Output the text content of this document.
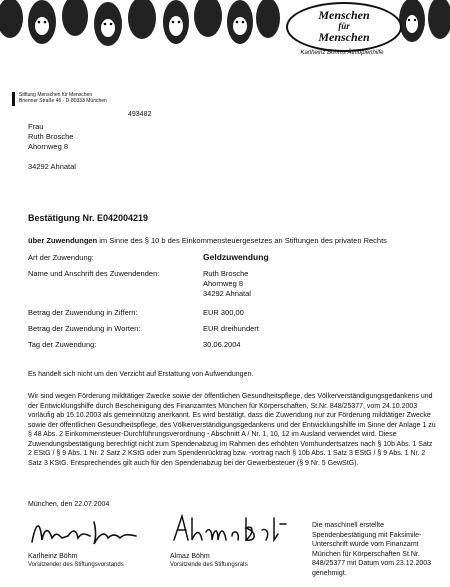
Menschen
für
Menschen
Karlheinz Böhms Äthiopienhilfe
Stiftung Menschen für Menschen
Brienner Straße 46 · D-80333 München
493482
Frau
Ruth Brosche
Ahornweg 8
34292 Ahnatal
Bestätigung Nr. E042004219
über Zuwendungen im Sinne des § 10 b des Einkommensteuergesetzes an Stiftungen des privaten Rechts
Art der Zuwendung:	Geldzuwendung
Name und Anschrift des Zuwendenden:	Ruth Brosche
Ahornweg 8
34292 Ahnatal
Betrag der Zuwendung in Ziffern:	EUR 300,00
Betrag der Zuwendung in Worten:	EUR dreihundert
Tag der Zuwendung:	30.06.2004
Es handelt sich nicht um den Verzicht auf Erstattung von Aufwendungen.
Wir sind wegen Förderung mildtätiger Zwecke sowie der öffentlichen Gesundheitspflege, des Völkerverständigungsgedankens und der Entwicklungshilfe durch Bescheinigung des Finanzamtes München für Körperschaften, St.Nr. 848/25377, vom 24.10.2003 vorläufig ab 15.10.2003 als gemeinnützig anerkannt. Es wird bestätigt, dass die Zuwendung nur zur Förderung mildtätiger Zwecke sowie der öffentlichen Gesundheitspflege, des Völkerverständigungsgedankens und der Entwicklungshilfe im Sinne der Anlage 1 zu § 48 Abs. 2 Einkommensteuer-Durchführungsverordnung - Abschnitt A / Nr. 1, 10, 12 im Ausland verwendet wird. Diese Zuwendungsbestätigung berechtigt nicht zum Spendenabzug im Rahmen des erhöhten Vomhundertsatzes nach § 10b Abs. 1 Satz 2 EStG / § 9 Abs. 1 Nr. 2 Satz 2 KStG oder zum Spendenrücktrag bzw. -vortrag nach § 10b Abs. 1 Satz 3 EStG / § 9 Abs. 1 Nr. 2 Satz 3 KStG. Entsprechendes gilt auch für den Spendenabzug bei der Gewerbesteuer (§ 9 Nr. 5 GewStG).
München, den 22.07.2004
Karlheinz Böhm
Vorsitzender des Stiftungsvorstands
Almaz Böhm
Vorsitzende des Stiftungsrats
Die maschinell erstellte Spendenbestätigung mit Faksimile-Unterschrift wurde vom Finanzamt München für Körperschaften St.Nr. 848/25377 mit Datum vom 23.12.2003 genehmigt.
